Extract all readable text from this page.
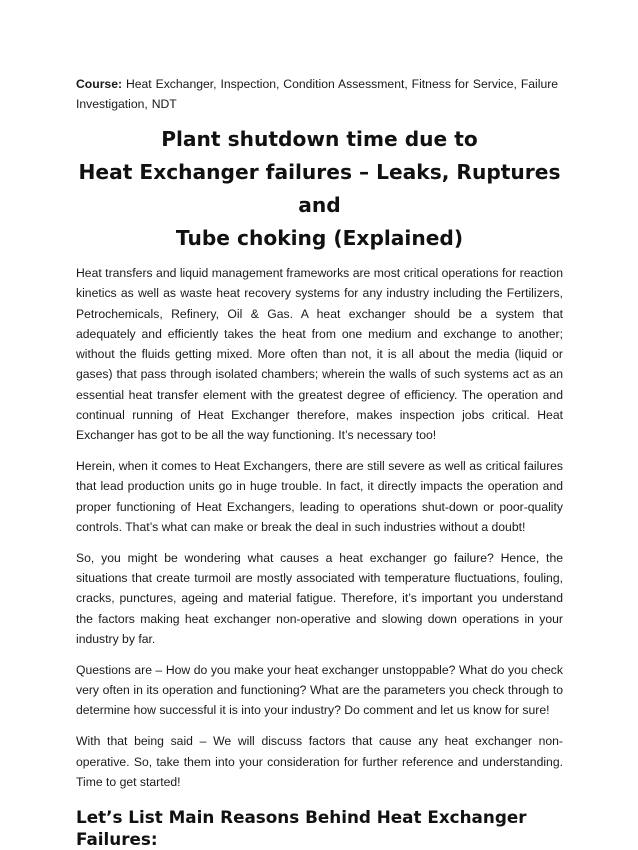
Course: Heat Exchanger, Inspection, Condition Assessment, Fitness for Service, Failure Investigation, NDT

Plant shutdown time due to
Heat Exchanger failures – Leaks, Ruptures and
Tube choking (Explained)

Heat transfers and liquid management frameworks are most critical operations for reaction kinetics as well as waste heat recovery systems for any industry including the Fertilizers, Petrochemicals, Refinery, Oil & Gas. A heat exchanger should be a system that adequately and efficiently takes the heat from one medium and exchange to another; without the fluids getting mixed. More often than not, it is all about the media (liquid or gases) that pass through isolated chambers; wherein the walls of such systems act as an essential heat transfer element with the greatest degree of efficiency. The operation and continual running of Heat Exchanger therefore, makes inspection jobs critical. Heat Exchanger has got to be all the way functioning. It’s necessary too!

Herein, when it comes to Heat Exchangers, there are still severe as well as critical failures that lead production units go in huge trouble. In fact, it directly impacts the operation and proper functioning of Heat Exchangers, leading to operations shut-down or poor-quality controls. That’s what can make or break the deal in such industries without a doubt!

So, you might be wondering what causes a heat exchanger go failure? Hence, the situations that create turmoil are mostly associated with temperature fluctuations, fouling, cracks, punctures, ageing and material fatigue. Therefore, it’s important you understand the factors making heat exchanger non-operative and slowing down operations in your industry by far.

Questions are – How do you make your heat exchanger unstoppable? What do you check very often in its operation and functioning? What are the parameters you check through to determine how successful it is into your industry? Do comment and let us know for sure!

With that being said – We will discuss factors that cause any heat exchanger non-operative. So, take them into your consideration for further reference and understanding. Time to get started!

Let’s List Main Reasons Behind Heat Exchanger Failures:
